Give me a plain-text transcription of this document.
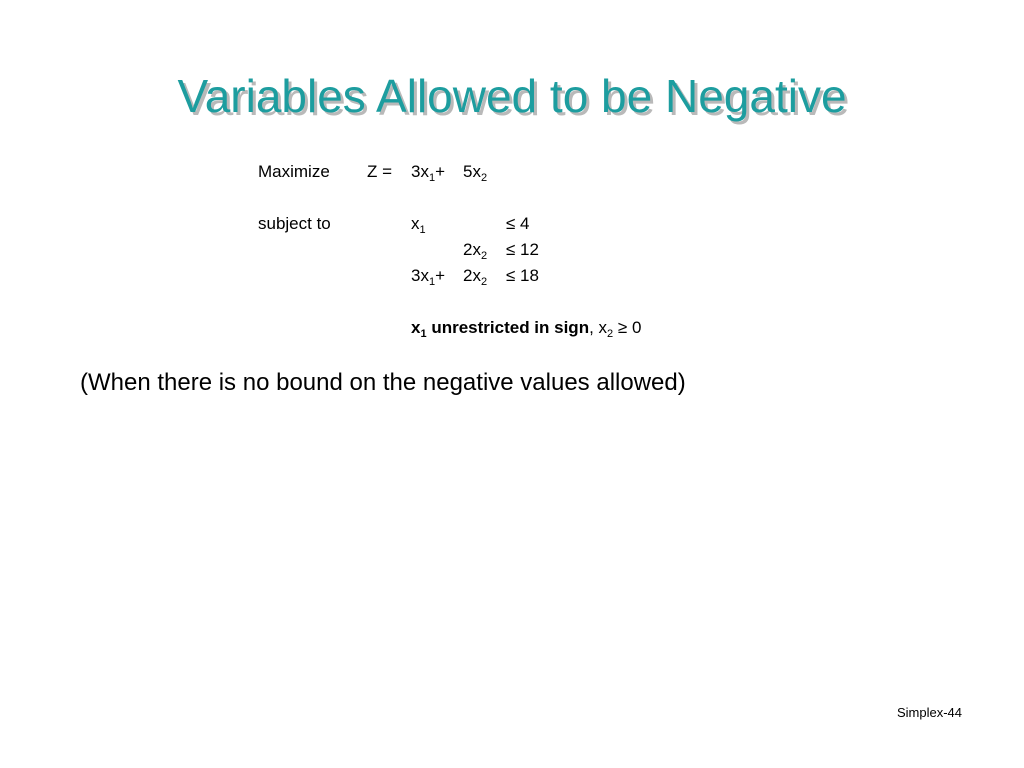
Variables Allowed to be Negative
Maximize $Z = 3x_1+ 5x_2$
subject to	$x_1$	≤ 4
$2x_2 \le 12$
$3x_1+ 2x_2 \le 18$
$x_1$ unrestricted in sign, $x_2 \ge 0$
(When there is no bound on the negative values allowed)
Simplex-44
